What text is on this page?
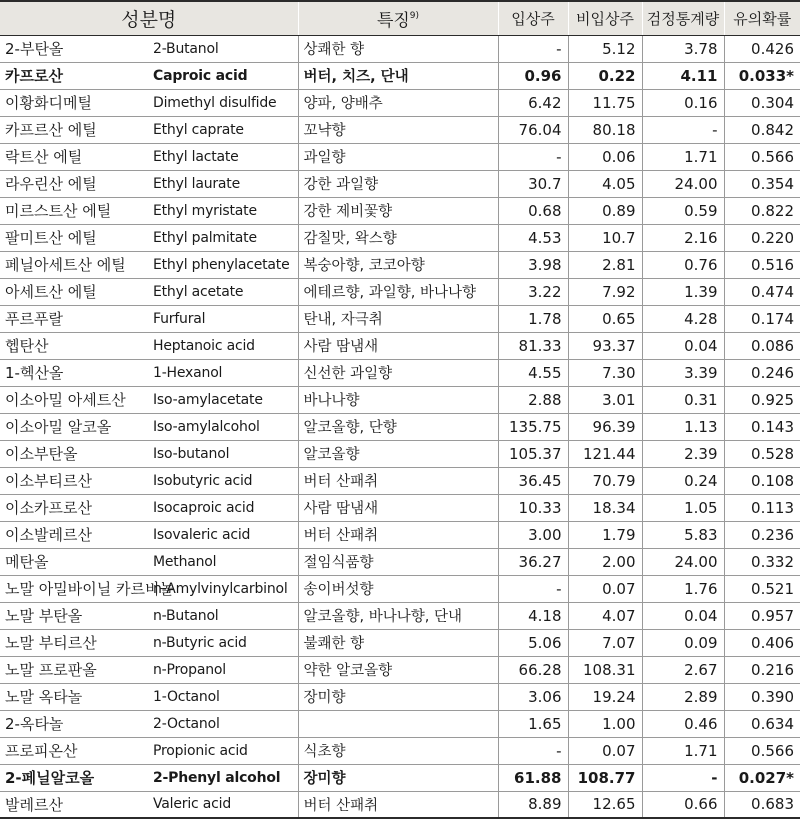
성분명		특징$^{9)}$	입상주	비입상주	검정통계량	유의확률
2-부탄올	2-Butanol	상쾌한 향	-	5.12	3.78	0.426
카프로산	Caproic acid	버터, 치즈, 단내	0.96	0.22	4.11	0.033*
이황화디메틸	Dimethyl disulfide	양파, 양배추	6.42	11.75	0.16	0.304
카프르산 에틸	Ethyl caprate	꼬냑향	76.04	80.18	-	0.842
락트산 에틸	Ethyl lactate	과일향	-	0.06	1.71	0.566
라우린산 에틸	Ethyl laurate	강한 과일향	30.7	4.05	24.00	0.354
미르스트산 에틸	Ethyl myristate	강한 제비꽃향	0.68	0.89	0.59	0.822
팔미트산 에틸	Ethyl palmitate	감칠맛, 왁스향	4.53	10.7	2.16	0.220
페닐아세트산 에틸	Ethyl phenylacetate	복숭아향, 코코아향	3.98	2.81	0.76	0.516
아세트산 에틸	Ethyl acetate	에테르향, 과일향, 바나나향	3.22	7.92	1.39	0.474
푸르푸랄	Furfural	탄내, 자극취	1.78	0.65	4.28	0.174
헵탄산	Heptanoic acid	사람 땀냄새	81.33	93.37	0.04	0.086
1-헥산올	1-Hexanol	신선한 과일향	4.55	7.30	3.39	0.246
이소아밀 아세트산	Iso-amylacetate	바나나향	2.88	3.01	0.31	0.925
이소아밀 알코올	Iso-amylalcohol	알코올향, 단향	135.75	96.39	1.13	0.143
이소부탄올	Iso-butanol	알코올향	105.37	121.44	2.39	0.528
이소부티르산	Isobutyric acid	버터 산패취	36.45	70.79	0.24	0.108
이소카프로산	Isocaproic acid	사람 땀냄새	10.33	18.34	1.05	0.113
이소발레르산	Isovaleric acid	버터 산패취	3.00	1.79	5.83	0.236
메탄올	Methanol	절임식품향	36.27	2.00	24.00	0.332
노말 아밀바이닐 카르비놀	n-Amylvinylcarbinol	송이버섯향	-	0.07	1.76	0.521
노말 부탄올	n-Butanol	알코올향, 바나나향, 단내	4.18	4.07	0.04	0.957
노말 부티르산	n-Butyric acid	불쾌한 향	5.06	7.07	0.09	0.406
노말 프로판올	n-Propanol	약한 알코올향	66.28	108.31	2.67	0.216
노말 옥타놀	1-Octanol	장미향	3.06	19.24	2.89	0.390
2-옥타놀	2-Octanol		1.65	1.00	0.46	0.634
프로피온산	Propionic acid	식초향	-	0.07	1.71	0.566
2-페닐알코올	2-Phenyl alcohol	장미향	61.88	108.77	-	0.027*
발레르산	Valeric acid	버터 산패취	8.89	12.65	0.66	0.683
